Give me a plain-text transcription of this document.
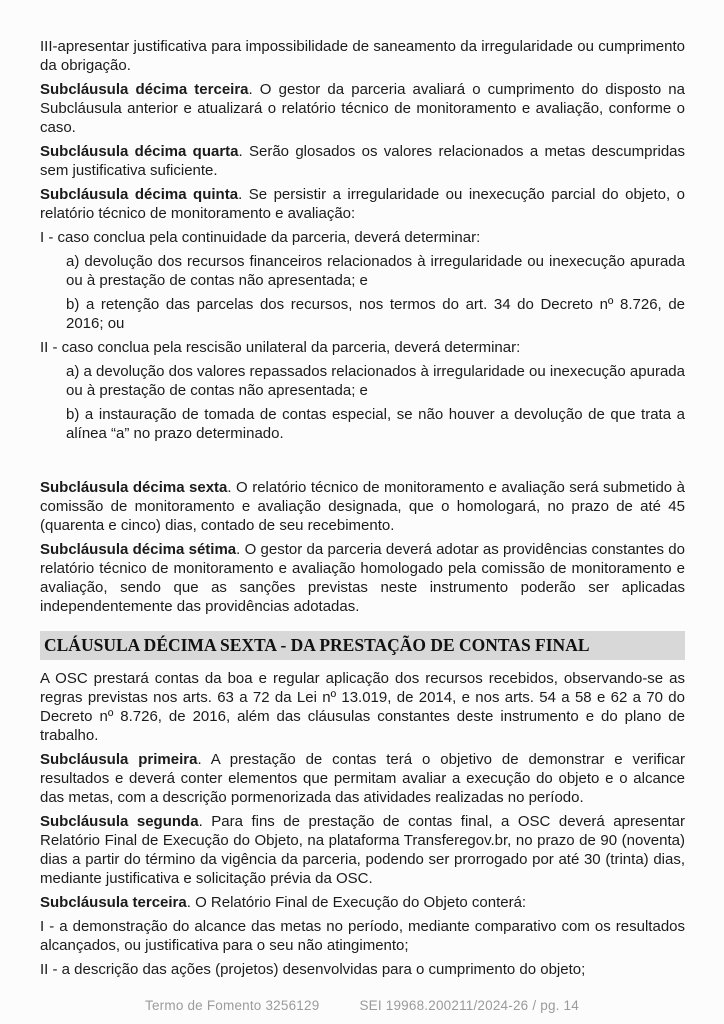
III-apresentar justificativa para impossibilidade de saneamento da irregularidade ou cumprimento da obrigação.

Subcláusula décima terceira. O gestor da parceria avaliará o cumprimento do disposto na Subcláusula anterior e atualizará o relatório técnico de monitoramento e avaliação, conforme o caso.

Subcláusula décima quarta. Serão glosados os valores relacionados a metas descumpridas sem justificativa suficiente.

Subcláusula décima quinta. Se persistir a irregularidade ou inexecução parcial do objeto, o relatório técnico de monitoramento e avaliação:

I - caso conclua pela continuidade da parceria, deverá determinar:

a) devolução dos recursos financeiros relacionados à irregularidade ou inexecução apurada ou à prestação de contas não apresentada; e

b) a retenção das parcelas dos recursos, nos termos do art. 34 do Decreto nº 8.726, de 2016; ou

II - caso conclua pela rescisão unilateral da parceria, deverá determinar:

a) a devolução dos valores repassados relacionados à irregularidade ou inexecução apurada ou à prestação de contas não apresentada; e

b) a instauração de tomada de contas especial, se não houver a devolução de que trata a alínea “a” no prazo determinado.

Subcláusula décima sexta. O relatório técnico de monitoramento e avaliação será submetido à comissão de monitoramento e avaliação designada, que o homologará, no prazo de até 45 (quarenta e cinco) dias, contado de seu recebimento.

Subcláusula décima sétima. O gestor da parceria deverá adotar as providências constantes do relatório técnico de monitoramento e avaliação homologado pela comissão de monitoramento e avaliação, sendo que as sanções previstas neste instrumento poderão ser aplicadas independentemente das providências adotadas.

CLÁUSULA DÉCIMA SEXTA - DA PRESTAÇÃO DE CONTAS FINAL

A OSC prestará contas da boa e regular aplicação dos recursos recebidos, observando-se as regras previstas nos arts. 63 a 72 da Lei nº 13.019, de 2014, e nos arts. 54 a 58 e 62 a 70 do Decreto nº 8.726, de 2016, além das cláusulas constantes deste instrumento e do plano de trabalho.

Subcláusula primeira. A prestação de contas terá o objetivo de demonstrar e verificar resultados e deverá conter elementos que permitam avaliar a execução do objeto e o alcance das metas, com a descrição pormenorizada das atividades realizadas no período.

Subcláusula segunda. Para fins de prestação de contas final, a OSC deverá apresentar Relatório Final de Execução do Objeto, na plataforma Transferegov.br, no prazo de 90 (noventa) dias a partir do término da vigência da parceria, podendo ser prorrogado por até 30 (trinta) dias, mediante justificativa e solicitação prévia da OSC.

Subcláusula terceira. O Relatório Final de Execução do Objeto conterá:

I - a demonstração do alcance das metas no período, mediante comparativo com os resultados alcançados, ou justificativa para o seu não atingimento;

II - a descrição das ações (projetos) desenvolvidas para o cumprimento do objeto;

Termo de Fomento 3256129	SEI 19968.200211/2024-26 / pg. 14
